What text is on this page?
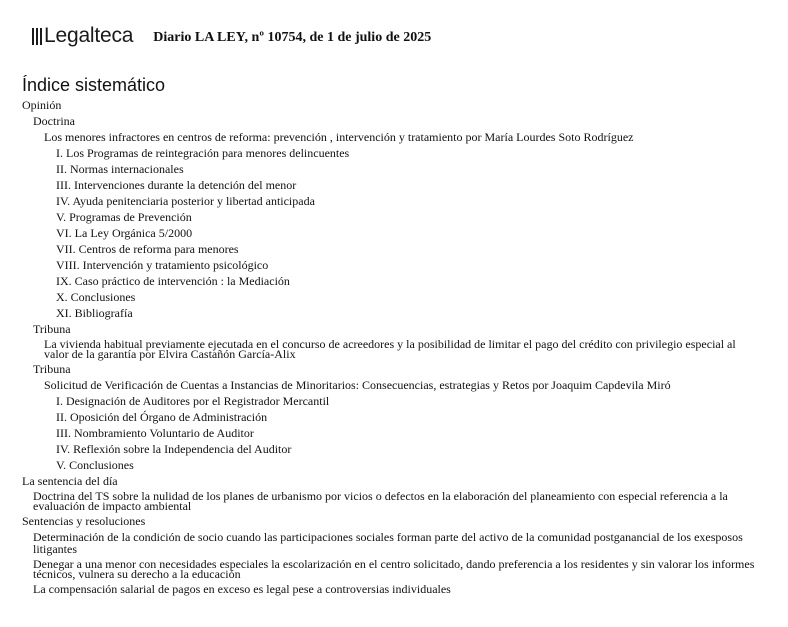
Legalteca Diario LA LEY, nº 10754, de 1 de julio de 2025
Índice sistemático
Opinión
Doctrina
Los menores infractores en centros de reforma: prevención , intervención y tratamiento por María Lourdes Soto Rodríguez
I. Los Programas de reintegración para menores delincuentes
II. Normas internacionales
III. Intervenciones durante la detención del menor
IV. Ayuda penitenciaria posterior y libertad anticipada
V. Programas de Prevención
VI. La Ley Orgánica 5/2000
VII. Centros de reforma para menores
VIII. Intervención y tratamiento psicológico
IX. Caso práctico de intervención : la Mediación
X. Conclusiones
XI. Bibliografía
Tribuna
La vivienda habitual previamente ejecutada en el concurso de acreedores y la posibilidad de limitar el pago del crédito con privilegio especial al valor de la garantía por Elvira Castañón García-Alix
Tribuna
Solicitud de Verificación de Cuentas a Instancias de Minoritarios: Consecuencias, estrategias y Retos por Joaquim Capdevila Miró
I. Designación de Auditores por el Registrador Mercantil
II. Oposición del Órgano de Administración
III. Nombramiento Voluntario de Auditor
IV. Reflexión sobre la Independencia del Auditor
V. Conclusiones
La sentencia del día
Doctrina del TS sobre la nulidad de los planes de urbanismo por vicios o defectos en la elaboración del planeamiento con especial referencia a la evaluación de impacto ambiental
Sentencias y resoluciones
Determinación de la condición de socio cuando las participaciones sociales forman parte del activo de la comunidad postganancial de los exesposos litigantes
Denegar a una menor con necesidades especiales la escolarización en el centro solicitado, dando preferencia a los residentes y sin valorar los informes técnicos, vulnera su derecho a la educación
La compensación salarial de pagos en exceso es legal pese a controversias individuales
